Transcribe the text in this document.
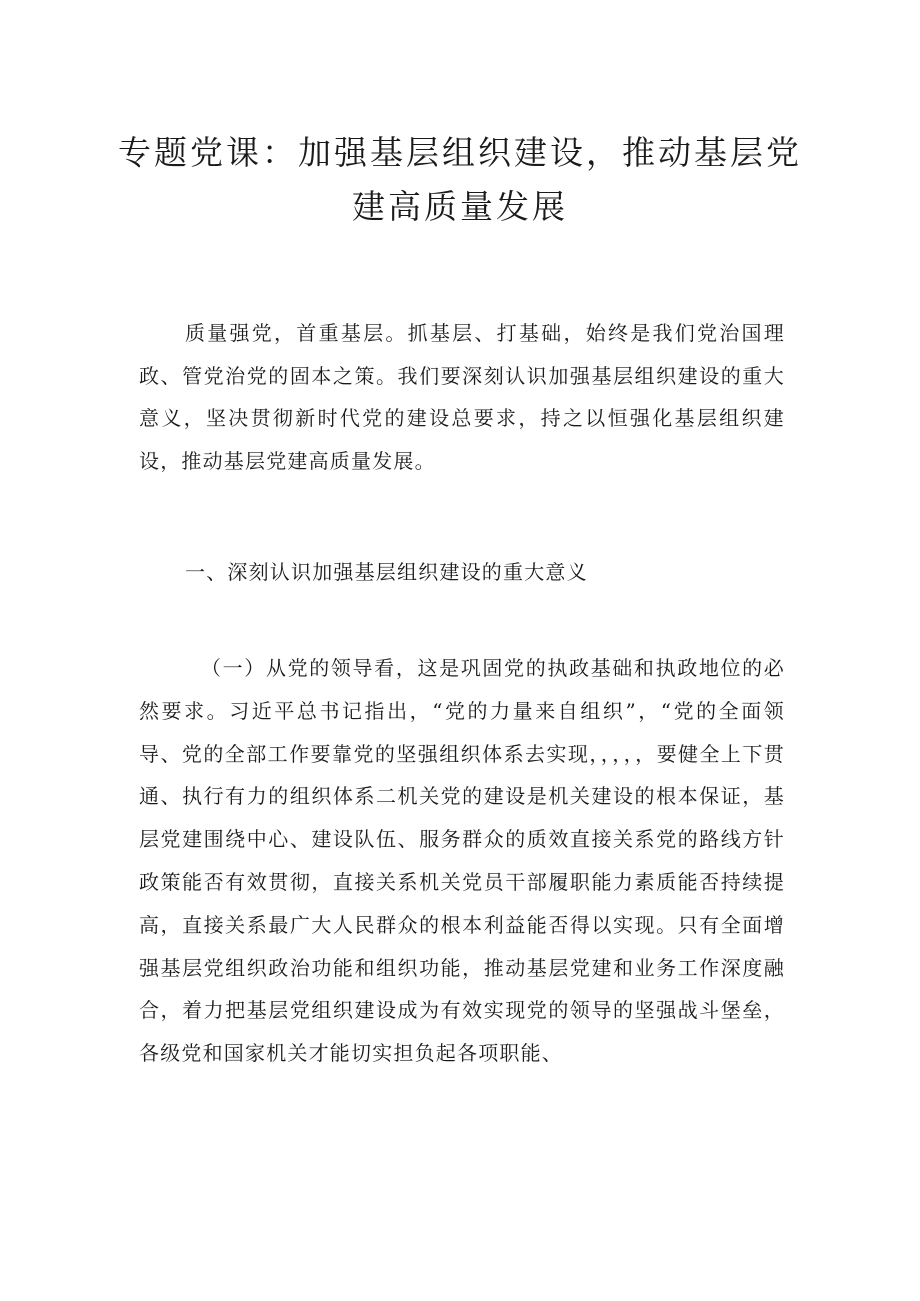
专题党课：加强基层组织建设，推动基层党
建高质量发展
质量强党，首重基层。抓基层、打基础，始终是我们党治国理政、管党治党的固本之策。我们要深刻认识加强基层组织建设的重大意义，坚决贯彻新时代党的建设总要求，持之以恒强化基层组织建设，推动基层党建高质量发展。
一、深刻认识加强基层组织建设的重大意义
（一）从党的领导看，这是巩固党的执政基础和执政地位的必然要求。习近平总书记指出，“党的力量来自组织”，“党的全面领导、党的全部工作要靠党的坚强组织体系去实现，，，，，要健全上下贯通、执行有力的组织体系二机关党的建设是机关建设的根本保证，基层党建围绕中心、建设队伍、服务群众的质效直接关系党的路线方针政策能否有效贯彻，直接关系机关党员干部履职能力素质能否持续提高，直接关系最广大人民群众的根本利益能否得以实现。只有全面增强基层党组织政治功能和组织功能，推动基层党建和业务工作深度融合，着力把基层党组织建设成为有效实现党的领导的坚强战斗堡垒，各级党和国家机关才能切实担负起各项职能、
